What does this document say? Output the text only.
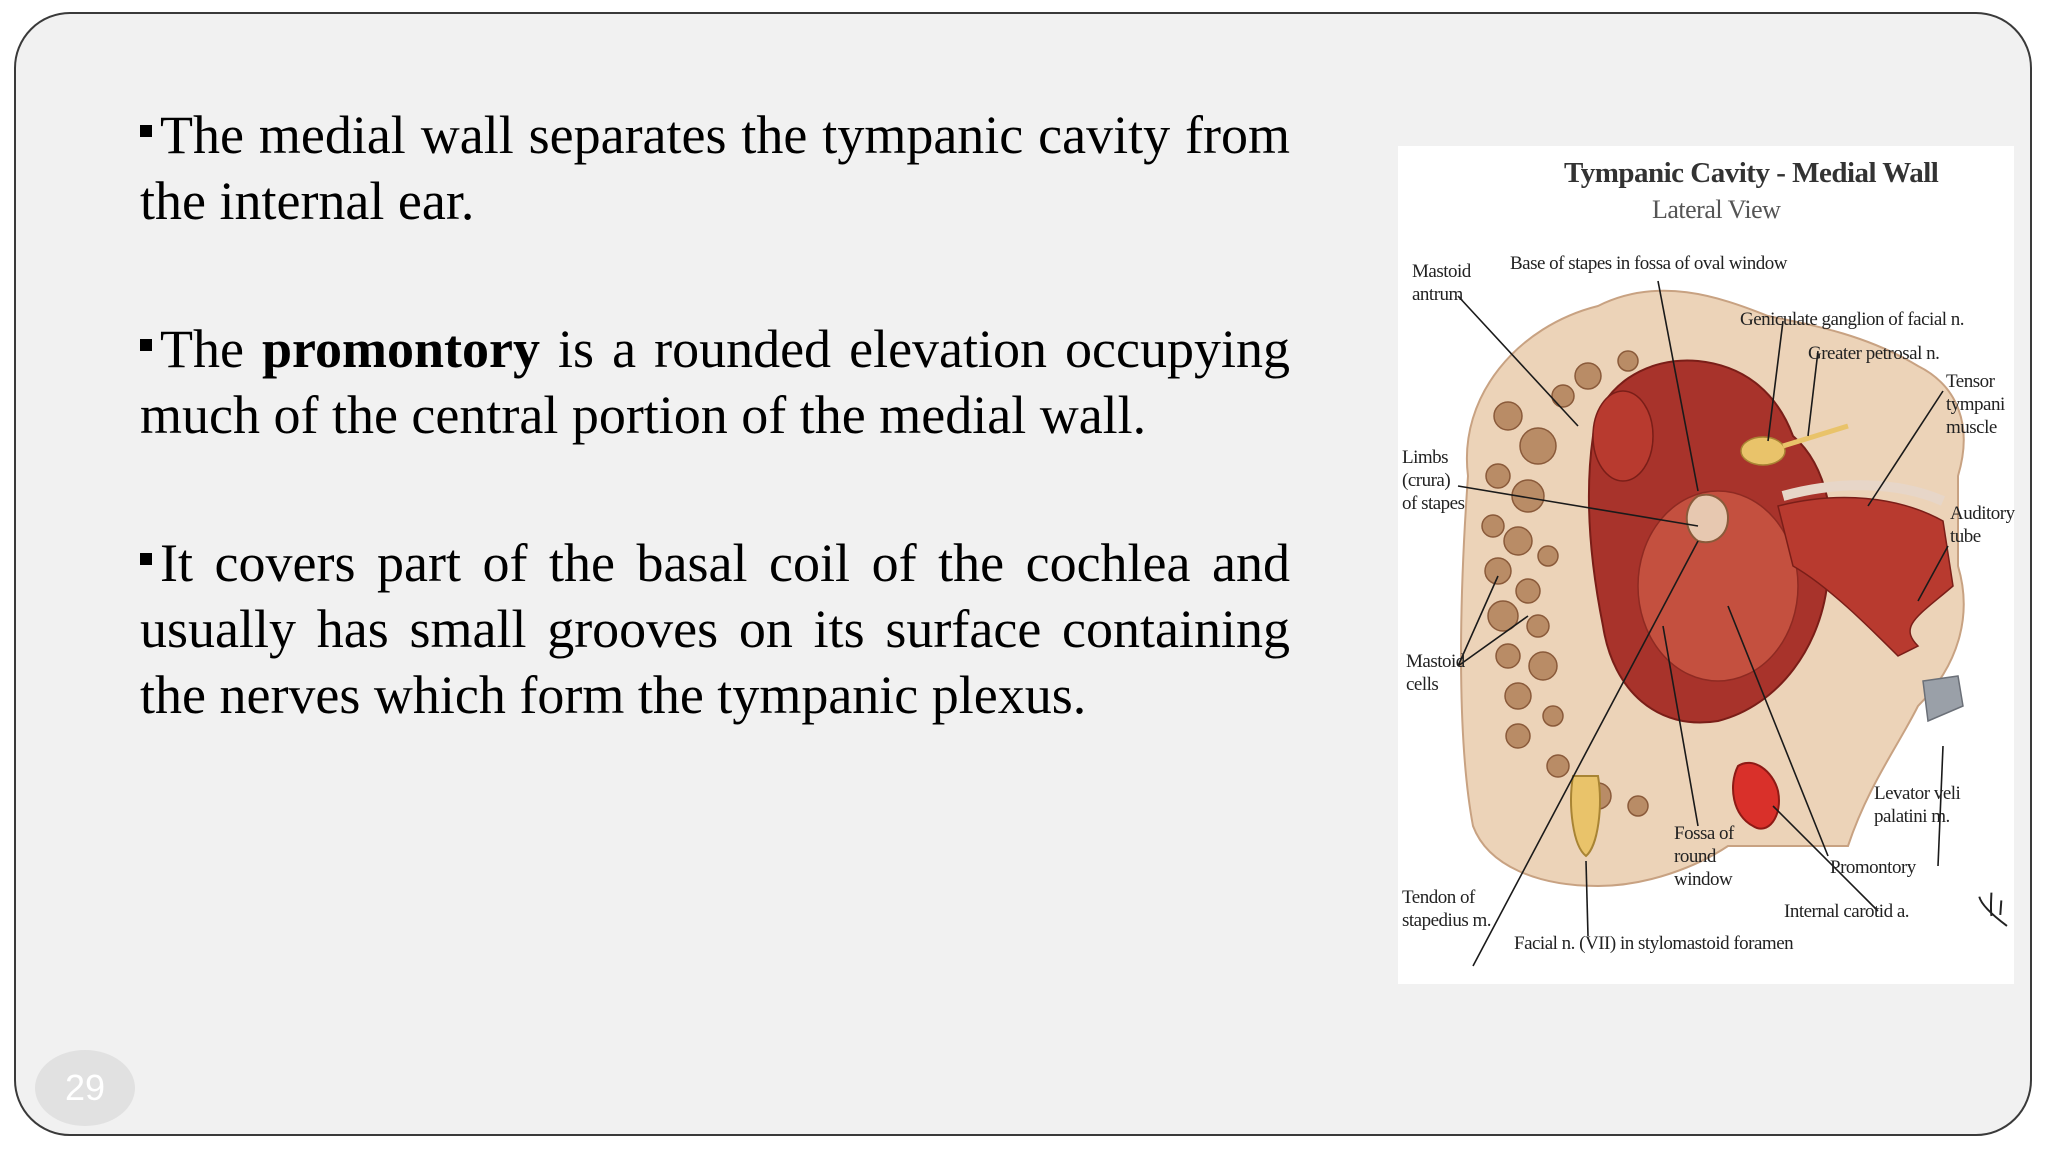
The medial wall separates the tympanic cavity from the internal ear.

The promontory is a rounded elevation occupying much of the central portion of the medial wall.

It covers part of the basal coil of the cochlea and usually has small grooves on its surface containing the nerves which form the tympanic plexus.

Tympanic Cavity - Medial Wall
Lateral View
Mastoid
antrum
Base of stapes in fossa of oval window
Geniculate ganglion of facial n.
Greater petrosal n.
Tensor
tympani
muscle
Limbs
(crura)
of stapes	Auditory
tube
Mastoid
cells
Levator veli
palatini m.
Fossa of
round
window
Promontory
Tendon of
stapedius m.	Internal carotid a.
Facial n. (VII) in stylomastoid foramen
29
